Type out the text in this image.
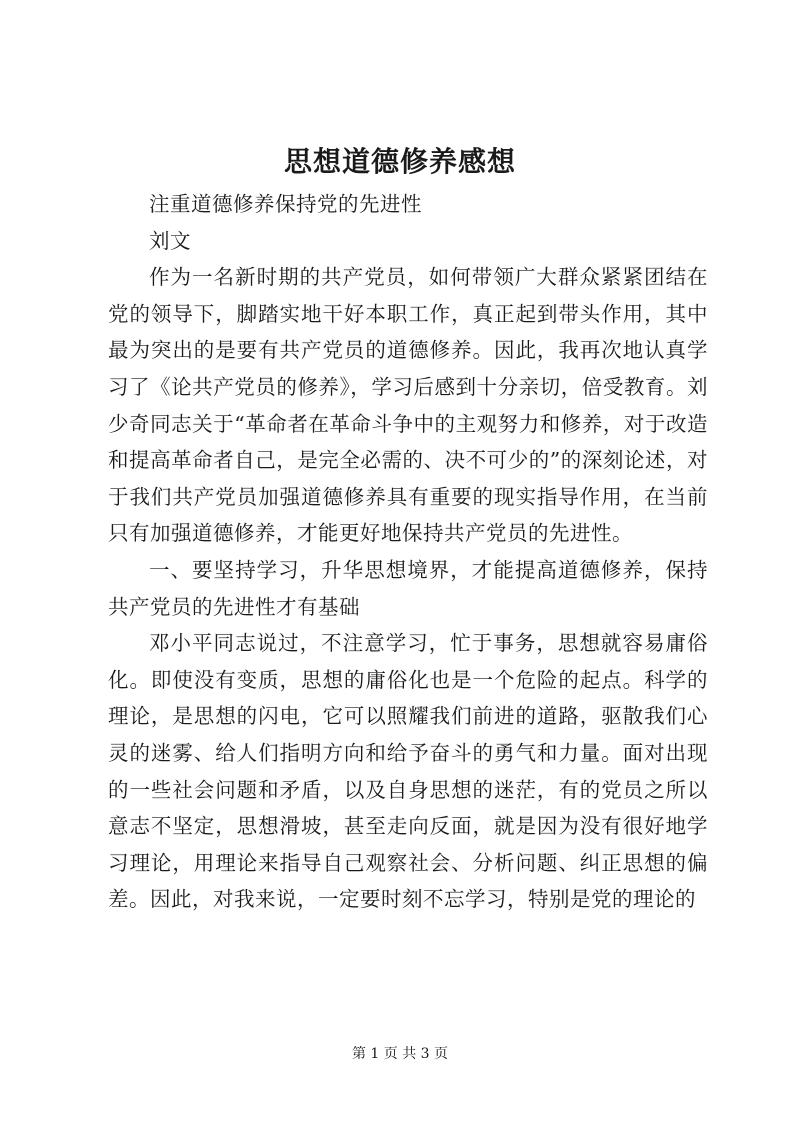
思想道德修养感想

注重道德修养保持党的先进性

刘文

作为一名新时期的共产党员，如何带领广大群众紧紧团结在党的领导下，脚踏实地干好本职工作，真正起到带头作用，其中最为突出的是要有共产党员的道德修养。因此，我再次地认真学习了《论共产党员的修养》，学习后感到十分亲切，倍受教育。刘少奇同志关于“革命者在革命斗争中的主观努力和修养，对于改造和提高革命者自己，是完全必需的、决不可少的”的深刻论述，对于我们共产党员加强道德修养具有重要的现实指导作用，在当前只有加强道德修养，才能更好地保持共产党员的先进性。

一、要坚持学习，升华思想境界，才能提高道德修养，保持共产党员的先进性才有基础

邓小平同志说过，不注意学习，忙于事务，思想就容易庸俗化。即使没有变质，思想的庸俗化也是一个危险的起点。科学的理论，是思想的闪电，它可以照耀我们前进的道路，驱散我们心灵的迷雾、给人们指明方向和给予奋斗的勇气和力量。面对出现的一些社会问题和矛盾，以及自身思想的迷茫，有的党员之所以意志不坚定，思想滑坡，甚至走向反面，就是因为没有很好地学习理论，用理论来指导自己观察社会、分析问题、纠正思想的偏差。因此，对我来说，一定要时刻不忘学习，特别是党的理论的

第 1 页 共 3 页
